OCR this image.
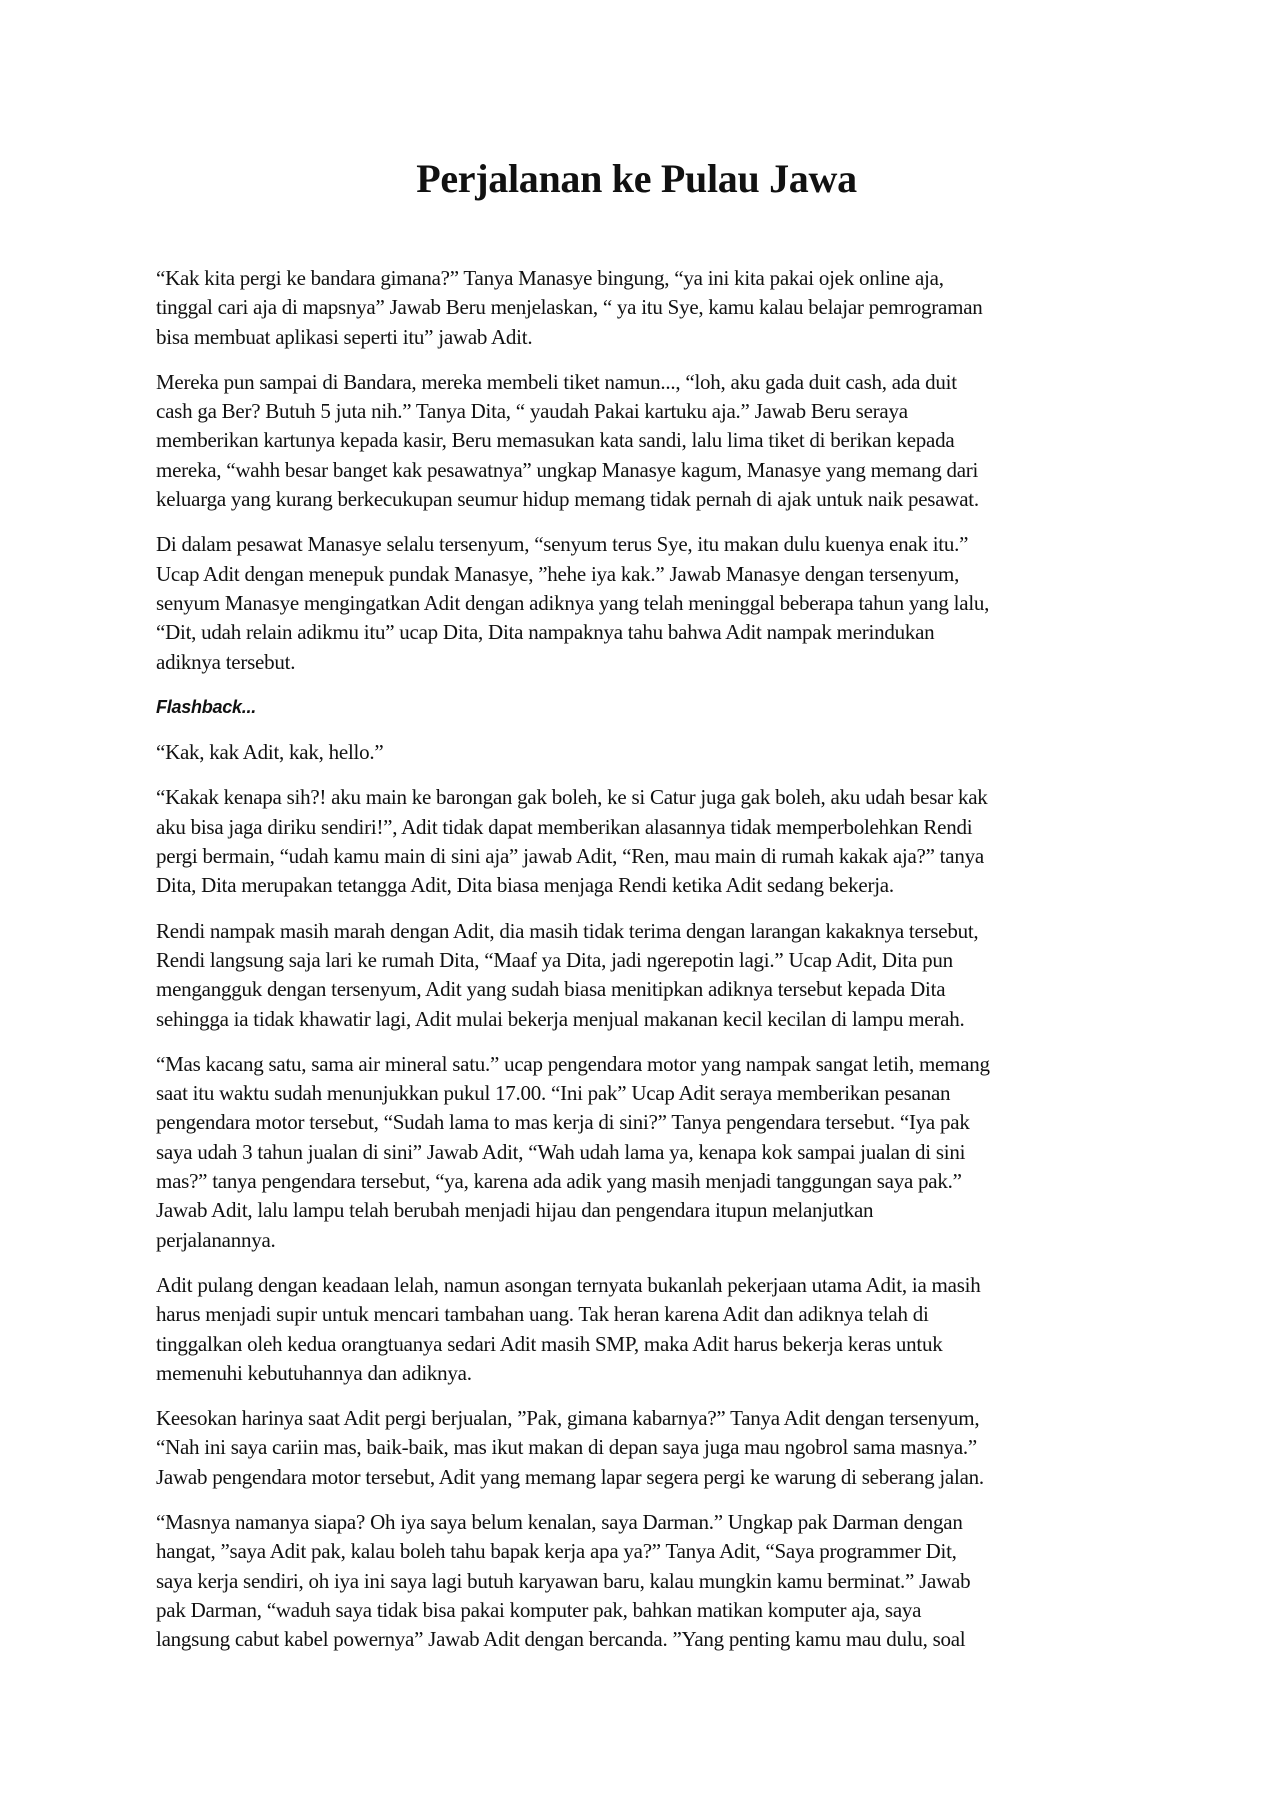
Perjalanan ke Pulau Jawa

“Kak kita pergi ke bandara gimana?” Tanya Manasye bingung, “ya ini kita pakai ojek online aja,
tinggal cari aja di mapsnya” Jawab Beru menjelaskan, “ ya itu Sye, kamu kalau belajar pemrograman
bisa membuat aplikasi seperti itu” jawab Adit.

Mereka pun sampai di Bandara, mereka membeli tiket namun..., “loh, aku gada duit cash, ada duit
cash ga Ber? Butuh 5 juta nih.” Tanya Dita, “ yaudah Pakai kartuku aja.” Jawab Beru seraya
memberikan kartunya kepada kasir, Beru memasukan kata sandi, lalu lima tiket di berikan kepada
mereka, “wahh besar banget kak pesawatnya” ungkap Manasye kagum, Manasye yang memang dari
keluarga yang kurang berkecukupan seumur hidup memang tidak pernah di ajak untuk naik pesawat.

Di dalam pesawat Manasye selalu tersenyum, “senyum terus Sye, itu makan dulu kuenya enak itu.”
Ucap Adit dengan menepuk pundak Manasye, ”hehe iya kak.” Jawab Manasye dengan tersenyum,
senyum Manasye mengingatkan Adit dengan adiknya yang telah meninggal beberapa tahun yang lalu,
“Dit, udah relain adikmu itu” ucap Dita, Dita nampaknya tahu bahwa Adit nampak merindukan
adiknya tersebut.

Flashback...

“Kak, kak Adit, kak, hello.”

“Kakak kenapa sih?! aku main ke barongan gak boleh, ke si Catur juga gak boleh, aku udah besar kak
aku bisa jaga diriku sendiri!”, Adit tidak dapat memberikan alasannya tidak memperbolehkan Rendi
pergi bermain, “udah kamu main di sini aja” jawab Adit, “Ren, mau main di rumah kakak aja?” tanya
Dita, Dita merupakan tetangga Adit, Dita biasa menjaga Rendi ketika Adit sedang bekerja.

Rendi nampak masih marah dengan Adit, dia masih tidak terima dengan larangan kakaknya tersebut,
Rendi langsung saja lari ke rumah Dita, “Maaf ya Dita, jadi ngerepotin lagi.” Ucap Adit, Dita pun
mengangguk dengan tersenyum, Adit yang sudah biasa menitipkan adiknya tersebut kepada Dita
sehingga ia tidak khawatir lagi, Adit mulai bekerja menjual makanan kecil kecilan di lampu merah.

“Mas kacang satu, sama air mineral satu.” ucap pengendara motor yang nampak sangat letih, memang
saat itu waktu sudah menunjukkan pukul 17.00. “Ini pak” Ucap Adit seraya memberikan pesanan
pengendara motor tersebut, “Sudah lama to mas kerja di sini?” Tanya pengendara tersebut. “Iya pak
saya udah 3 tahun jualan di sini” Jawab Adit, “Wah udah lama ya, kenapa kok sampai jualan di sini
mas?” tanya pengendara tersebut, “ya, karena ada adik yang masih menjadi tanggungan saya pak.”
Jawab Adit, lalu lampu telah berubah menjadi hijau dan pengendara itupun melanjutkan
perjalanannya.

Adit pulang dengan keadaan lelah, namun asongan ternyata bukanlah pekerjaan utama Adit, ia masih
harus menjadi supir untuk mencari tambahan uang. Tak heran karena Adit dan adiknya telah di
tinggalkan oleh kedua orangtuanya sedari Adit masih SMP, maka Adit harus bekerja keras untuk
memenuhi kebutuhannya dan adiknya.

Keesokan harinya saat Adit pergi berjualan, ”Pak, gimana kabarnya?” Tanya Adit dengan tersenyum,
“Nah ini saya cariin mas, baik-baik, mas ikut makan di depan saya juga mau ngobrol sama masnya.”
Jawab pengendara motor tersebut, Adit yang memang lapar segera pergi ke warung di seberang jalan.

“Masnya namanya siapa? Oh iya saya belum kenalan, saya Darman.” Ungkap pak Darman dengan
hangat, ”saya Adit pak, kalau boleh tahu bapak kerja apa ya?” Tanya Adit, “Saya programmer Dit,
saya kerja sendiri, oh iya ini saya lagi butuh karyawan baru, kalau mungkin kamu berminat.” Jawab
pak Darman, “waduh saya tidak bisa pakai komputer pak, bahkan matikan komputer aja, saya
langsung cabut kabel powernya” Jawab Adit dengan bercanda. ”Yang penting kamu mau dulu, soal
